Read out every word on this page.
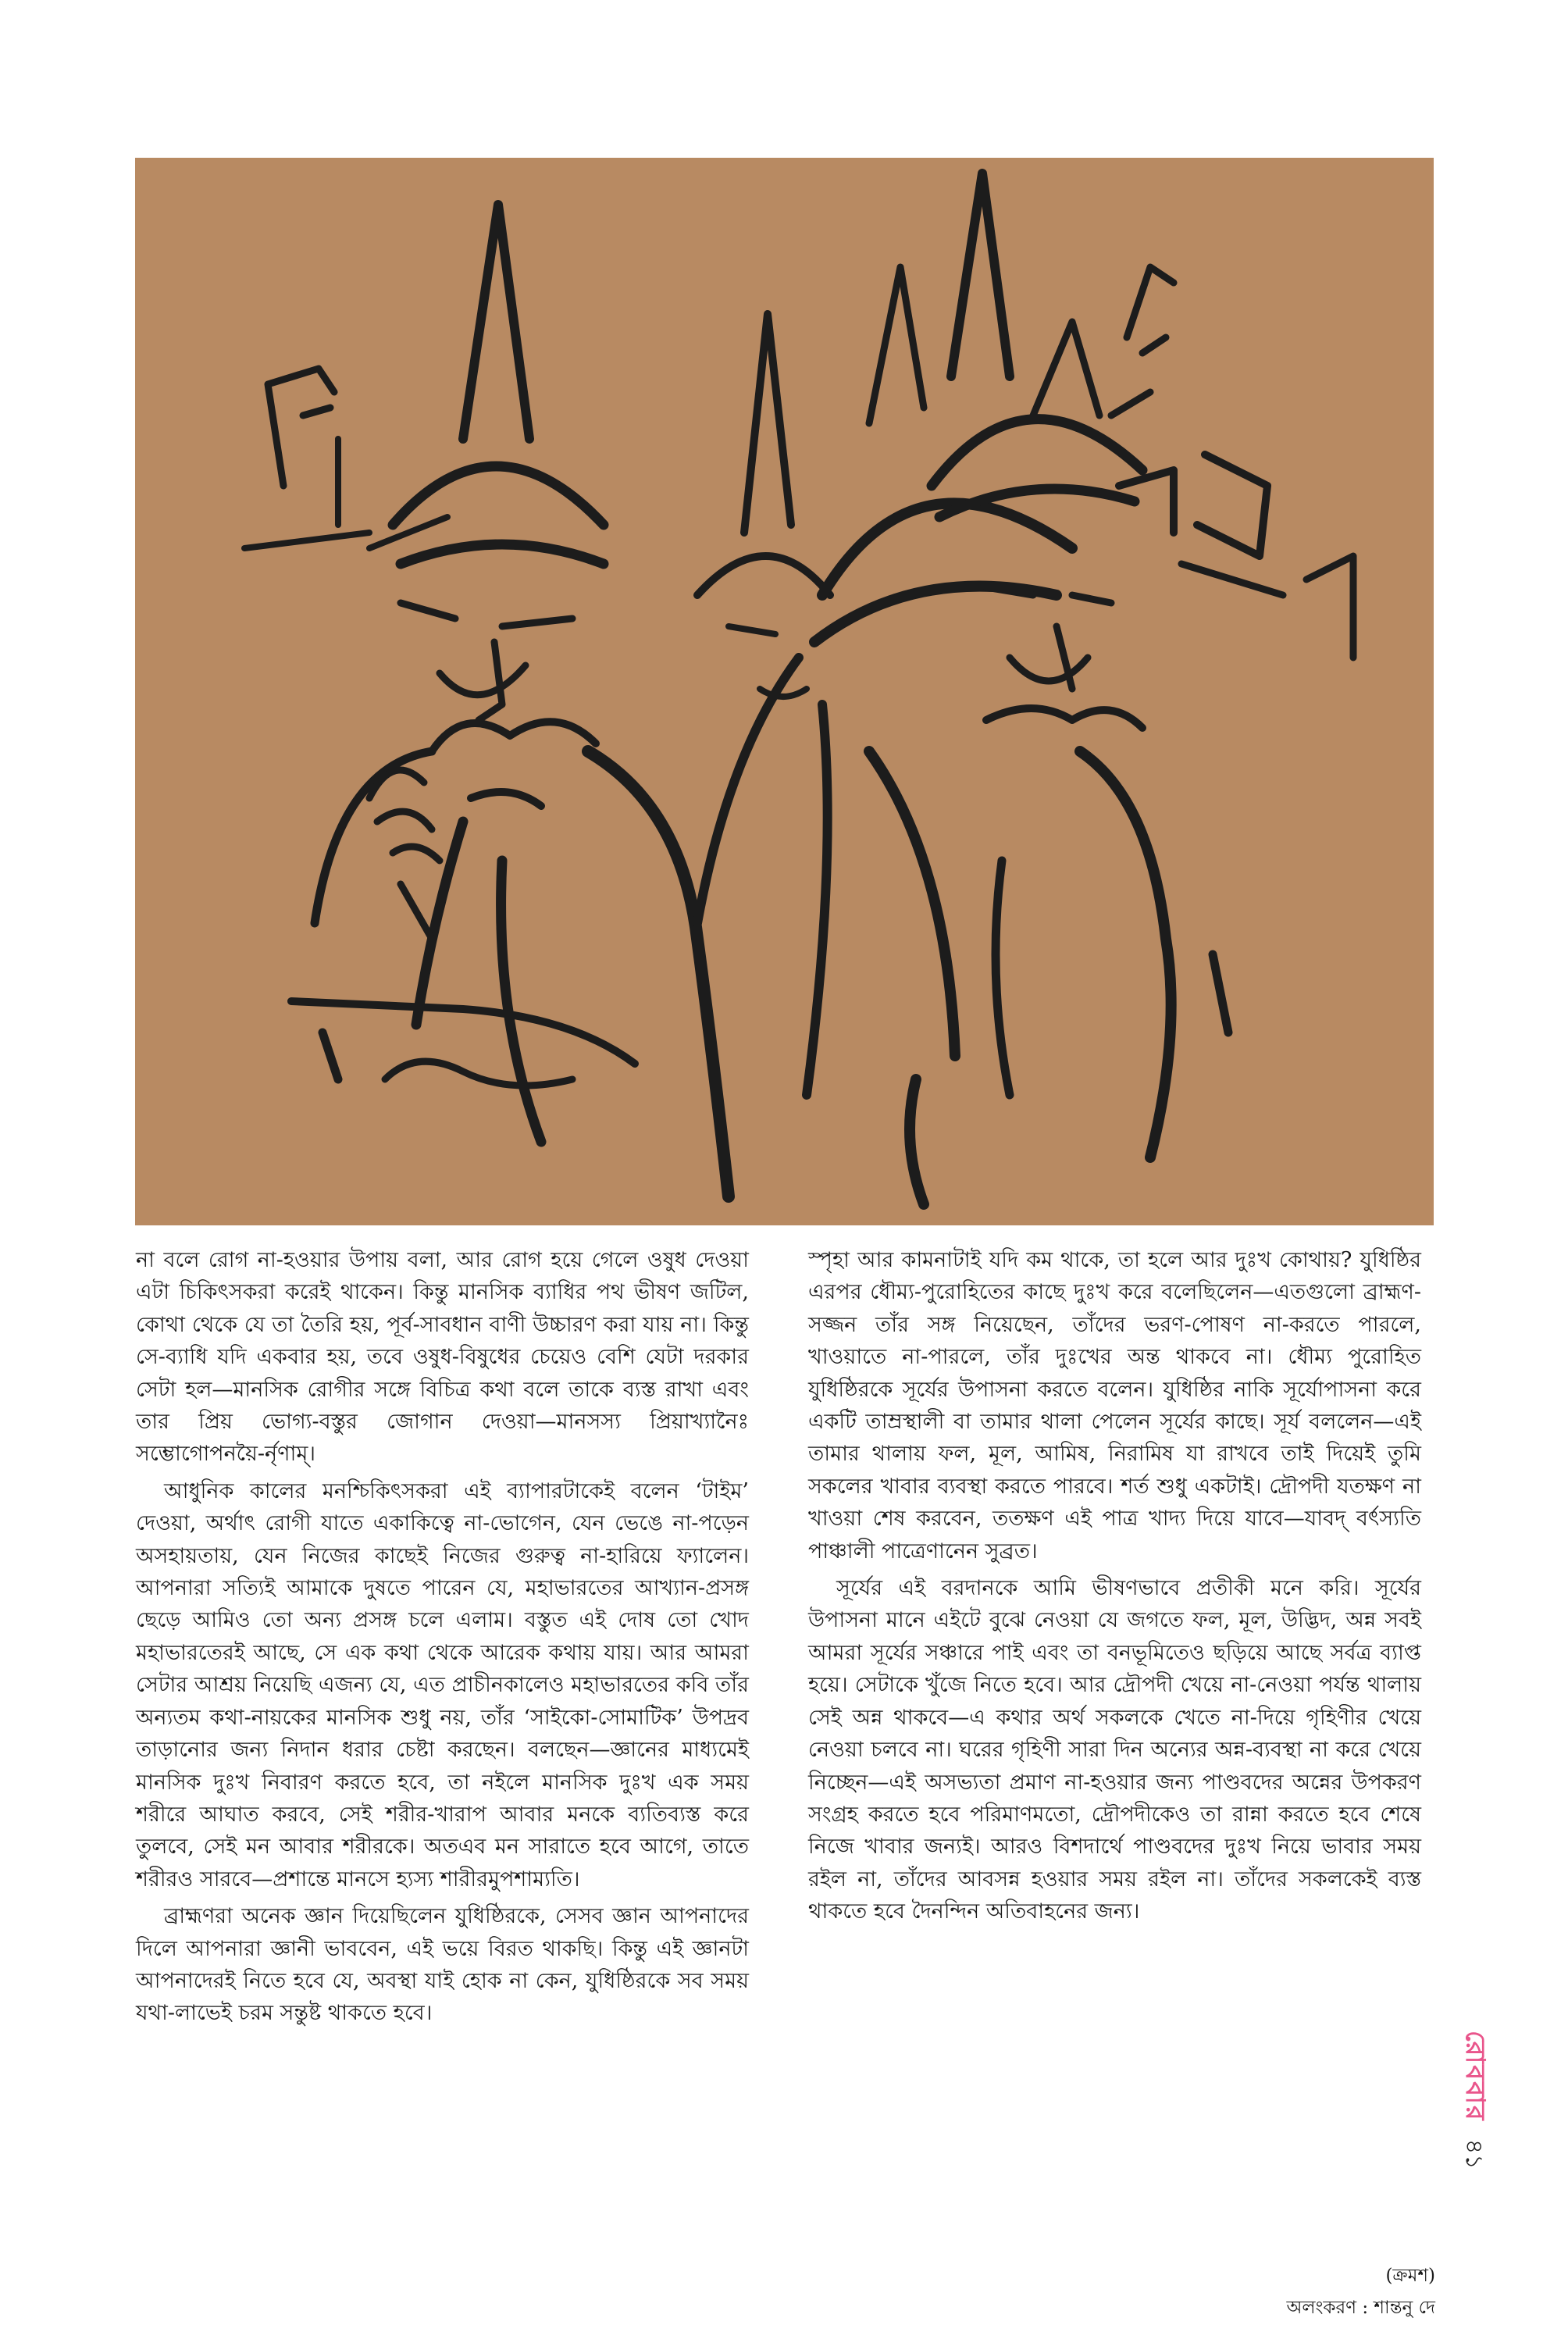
না বলে রোগ না-হওয়ার উপায় বলা, আর রোগ হয়ে গেলে ওষুধ দেওয়া এটা চিকিৎসকরা করেই থাকেন। কিন্তু মানসিক ব্যাধির পথ ভীষণ জটিল, কোথা থেকে যে তা তৈরি হয়, পূর্ব-সাবধান বাণী উচ্চারণ করা যায় না। কিন্তু সে-ব্যাধি যদি একবার হয়, তবে ওষুধ-বিষুধের চেয়েও বেশি যেটা দরকার সেটা হল—মানসিক রোগীর সঙ্গে বিচিত্র কথা বলে তাকে ব্যস্ত রাখা এবং তার প্রিয় ভোগ্য-বস্তুর জোগান দেওয়া—মানসস্য প্রিয়াখ্যানৈঃ সম্ভোগোপনয়ৈ-র্নৃণাম্।

আধুনিক কালের মনশ্চিকিৎসকরা এই ব্যাপারটাকেই বলেন ‘টাইম’ দেওয়া, অর্থাৎ রোগী যাতে একাকিত্বে না-ভোগেন, যেন ভেঙে না-পড়েন অসহায়তায়, যেন নিজের কাছেই নিজের গুরুত্ব না-হারিয়ে ফ্যালেন। আপনারা সত্যিই আমাকে দুষতে পারেন যে, মহাভারতের আখ্যান-প্রসঙ্গ ছেড়ে আমিও তো অন্য প্রসঙ্গ চলে এলাম। বস্তুত এই দোষ তো খোদ মহাভারতেরই আছে, সে এক কথা থেকে আরেক কথায় যায়। আর আমরা সেটার আশ্রয় নিয়েছি এজন্য যে, এত প্রাচীনকালেও মহাভারতের কবি তাঁর অন্যতম কথা-নায়কের মানসিক শুধু নয়, তাঁর ‘সাইকো-সোমাটিক’ উপদ্রব তাড়ানোর জন্য নিদান ধরার চেষ্টা করছেন। বলছেন—জ্ঞানের মাধ্যমেই মানসিক দুঃখ নিবারণ করতে হবে, তা নইলে মানসিক দুঃখ এক সময় শরীরে আঘাত করবে, সেই শরীর-খারাপ আবার মনকে ব্যতিব্যস্ত করে তুলবে, সেই মন আবার শরীরকে। অতএব মন সারাতে হবে আগে, তাতে শরীরও সারবে—প্রশান্তে মানসে হ্যস্য শারীরমুপশাম্যতি।

ব্রাহ্মণরা অনেক জ্ঞান দিয়েছিলেন যুধিষ্ঠিরকে, সেসব জ্ঞান আপনাদের দিলে আপনারা জ্ঞানী ভাববেন, এই ভয়ে বিরত থাকছি। কিন্তু এই জ্ঞানটা আপনাদেরই নিতে হবে যে, অবস্থা যাই হোক না কেন, যুধিষ্ঠিরকে সব সময় যথা-লাভেই চরম সন্তুষ্ট থাকতে হবে।

স্পৃহা আর কামনাটাই যদি কম থাকে, তা হলে আর দুঃখ কোথায়? যুধিষ্ঠির এরপর ধৌম্য-পুরোহিতের কাছে দুঃখ করে বলেছিলেন—এতগুলো ব্রাহ্মণ-সজ্জন তাঁর সঙ্গ নিয়েছেন, তাঁদের ভরণ-পোষণ না-করতে পারলে, খাওয়াতে না-পারলে, তাঁর দুঃখের অন্ত থাকবে না। ধৌম্য পুরোহিত যুধিষ্ঠিরকে সূর্যের উপাসনা করতে বলেন। যুধিষ্ঠির নাকি সূর্যোপাসনা করে একটি তাম্রস্থালী বা তামার থালা পেলেন সূর্যের কাছে। সূর্য বললেন—এই তামার থালায় ফল, মূল, আমিষ, নিরামিষ যা রাখবে তাই দিয়েই তুমি সকলের খাবার ব্যবস্থা করতে পারবে। শর্ত শুধু একটাই। দ্রৌপদী যতক্ষণ না খাওয়া শেষ করবেন, ততক্ষণ এই পাত্র খাদ্য দিয়ে যাবে—যাবদ্ বর্ৎস্যতি পাঞ্চালী পাত্রেণানেন সুব্রত।

সূর্যের এই বরদানকে আমি ভীষণভাবে প্রতীকী মনে করি। সূর্যের উপাসনা মানে এইটে বুঝে নেওয়া যে জগতে ফল, মূল, উদ্ভিদ, অন্ন সবই আমরা সূর্যের সঞ্চারে পাই এবং তা বনভূমিতেও ছড়িয়ে আছে সর্বত্র ব্যাপ্ত হয়ে। সেটাকে খুঁজে নিতে হবে। আর দ্রৌপদী খেয়ে না-নেওয়া পর্যন্ত থালায় সেই অন্ন থাকবে—এ কথার অর্থ সকলকে খেতে না-দিয়ে গৃহিণীর খেয়ে নেওয়া চলবে না। ঘরের গৃহিণী সারা দিন অন্যের অন্ন-ব্যবস্থা না করে খেয়ে নিচ্ছেন—এই অসভ্যতা প্রমাণ না-হওয়ার জন্য পাণ্ডবদের অন্নের উপকরণ সংগ্রহ করতে হবে পরিমাণমতো, দ্রৌপদীকেও তা রান্না করতে হবে শেষে নিজে খাবার জন্যই। আরও বিশদার্থে পাণ্ডবদের দুঃখ নিয়ে ভাবার সময় রইল না, তাঁদের আবসন্ন হওয়ার সময় রইল না। তাঁদের সকলকেই ব্যস্ত থাকতে হবে দৈনন্দিন অতিবাহনের জন্য।

(ক্রমশ)
অলংকরণ : শান্তনু দে
রোববার
৪১
